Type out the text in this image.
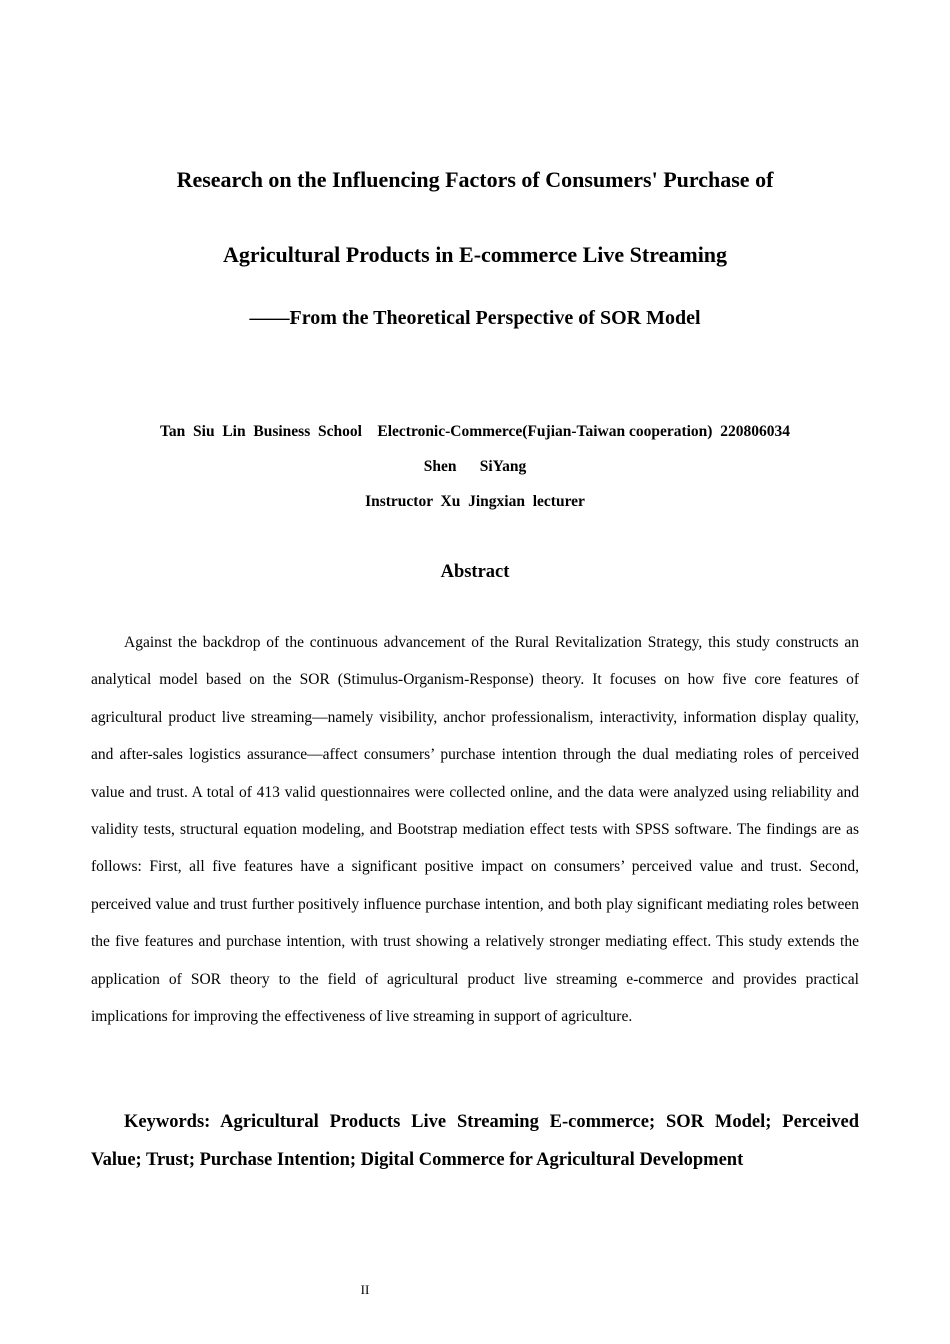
Research on the Influencing Factors of Consumers' Purchase of
Agricultural Products in E-commerce Live Streaming
——From the Theoretical Perspective of SOR Model

Tan  Siu  Lin  Business  School    Electronic-Commerce(Fujian-Taiwan cooperation)  220806034

Shen      SiYang

Instructor  Xu  Jingxian  lecturer

Abstract

Against the backdrop of the continuous advancement of the Rural Revitalization Strategy, this study constructs an analytical model based on the SOR (Stimulus-Organism-Response) theory. It focuses on how five core features of agricultural product live streaming—namely visibility, anchor professionalism, interactivity, information display quality, and after-sales logistics assurance—affect consumers’ purchase intention through the dual mediating roles of perceived value and trust. A total of 413 valid questionnaires were collected online, and the data were analyzed using reliability and validity tests, structural equation modeling, and Bootstrap mediation effect tests with SPSS software. The findings are as follows: First, all five features have a significant positive impact on consumers’ perceived value and trust. Second, perceived value and trust further positively influence purchase intention, and both play significant mediating roles between the five features and purchase intention, with trust showing a relatively stronger mediating effect. This study extends the application of SOR theory to the field of agricultural product live streaming e-commerce and provides practical implications for improving the effectiveness of live streaming in support of agriculture.

Keywords: Agricultural Products Live Streaming E-commerce; SOR Model; Perceived Value; Trust; Purchase Intention; Digital Commerce for Agricultural Development

II
